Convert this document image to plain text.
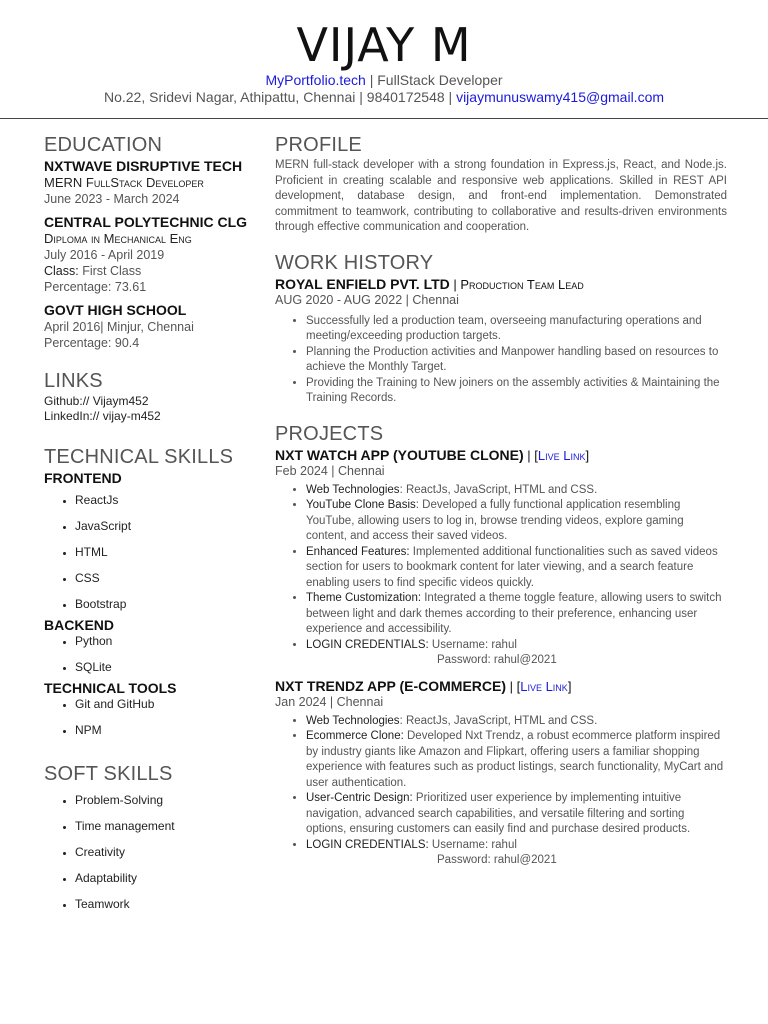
VIJAY M
MyPortfolio.tech | FullStack Developer
No.22, Sridevi Nagar, Athipattu, Chennai | 9840172548 | vijaymunuswamy415@gmail.com
EDUCATION
NXTWAVE DISRUPTIVE TECH
MERN FullStack Developer
June 2023 - March 2024
CENTRAL POLYTECHNIC CLG
Diploma in Mechanical Eng
July 2016 - April 2019
Class: First Class
Percentage: 73.61
GOVT HIGH SCHOOL
April 2016| Minjur, Chennai
Percentage: 90.4
LINKS
Github:// Vijaym452
LinkedIn:// vijay-m452
TECHNICAL SKILLS
FRONTEND
• ReactJs
• JavaScript
• HTML
• CSS
• Bootstrap
BACKEND
• Python
• SQLite
TECHNICAL TOOLS
• Git and GitHub
• NPM
SOFT SKILLS
• Problem-Solving
• Time management
• Creativity
• Adaptability
• Teamwork
PROFILE
MERN full-stack developer with a strong foundation in Express.js, React, and Node.js. Proficient in creating scalable and responsive web applications. Skilled in REST API development, database design, and front-end implementation. Demonstrated commitment to teamwork, contributing to collaborative and results-driven environments through effective communication and cooperation.
WORK HISTORY
ROYAL ENFIELD PVT. LTD | Production Team Lead
AUG 2020 - AUG 2022 | Chennai
• Successfully led a production team, overseeing manufacturing operations and meeting/exceeding production targets.
• Planning the Production activities and Manpower handling based on resources to achieve the Monthly Target.
• Providing the Training to New joiners on the assembly activities & Maintaining the Training Records.
PROJECTS
NXT WATCH APP (YOUTUBE CLONE) | [Live Link]
Feb 2024 | Chennai
• Web Technologies: ReactJs, JavaScript, HTML and CSS.
• YouTube Clone Basis: Developed a fully functional application resembling YouTube, allowing users to log in, browse trending videos, explore gaming content, and access their saved videos.
• Enhanced Features: Implemented additional functionalities such as saved videos section for users to bookmark content for later viewing, and a search feature enabling users to find specific videos quickly.
• Theme Customization: Integrated a theme toggle feature, allowing users to switch between light and dark themes according to their preference, enhancing user experience and accessibility.
• LOGIN CREDENTIALS: Username: rahul
Password: rahul@2021
NXT TRENDZ APP (E-COMMERCE) | [Live Link]
Jan 2024 | Chennai
• Web Technologies: ReactJs, JavaScript, HTML and CSS.
• Ecommerce Clone: Developed Nxt Trendz, a robust ecommerce platform inspired by industry giants like Amazon and Flipkart, offering users a familiar shopping experience with features such as product listings, search functionality, MyCart and user authentication.
• User-Centric Design: Prioritized user experience by implementing intuitive navigation, advanced search capabilities, and versatile filtering and sorting options, ensuring customers can easily find and purchase desired products.
• LOGIN CREDENTIALS: Username: rahul
Password: rahul@2021
